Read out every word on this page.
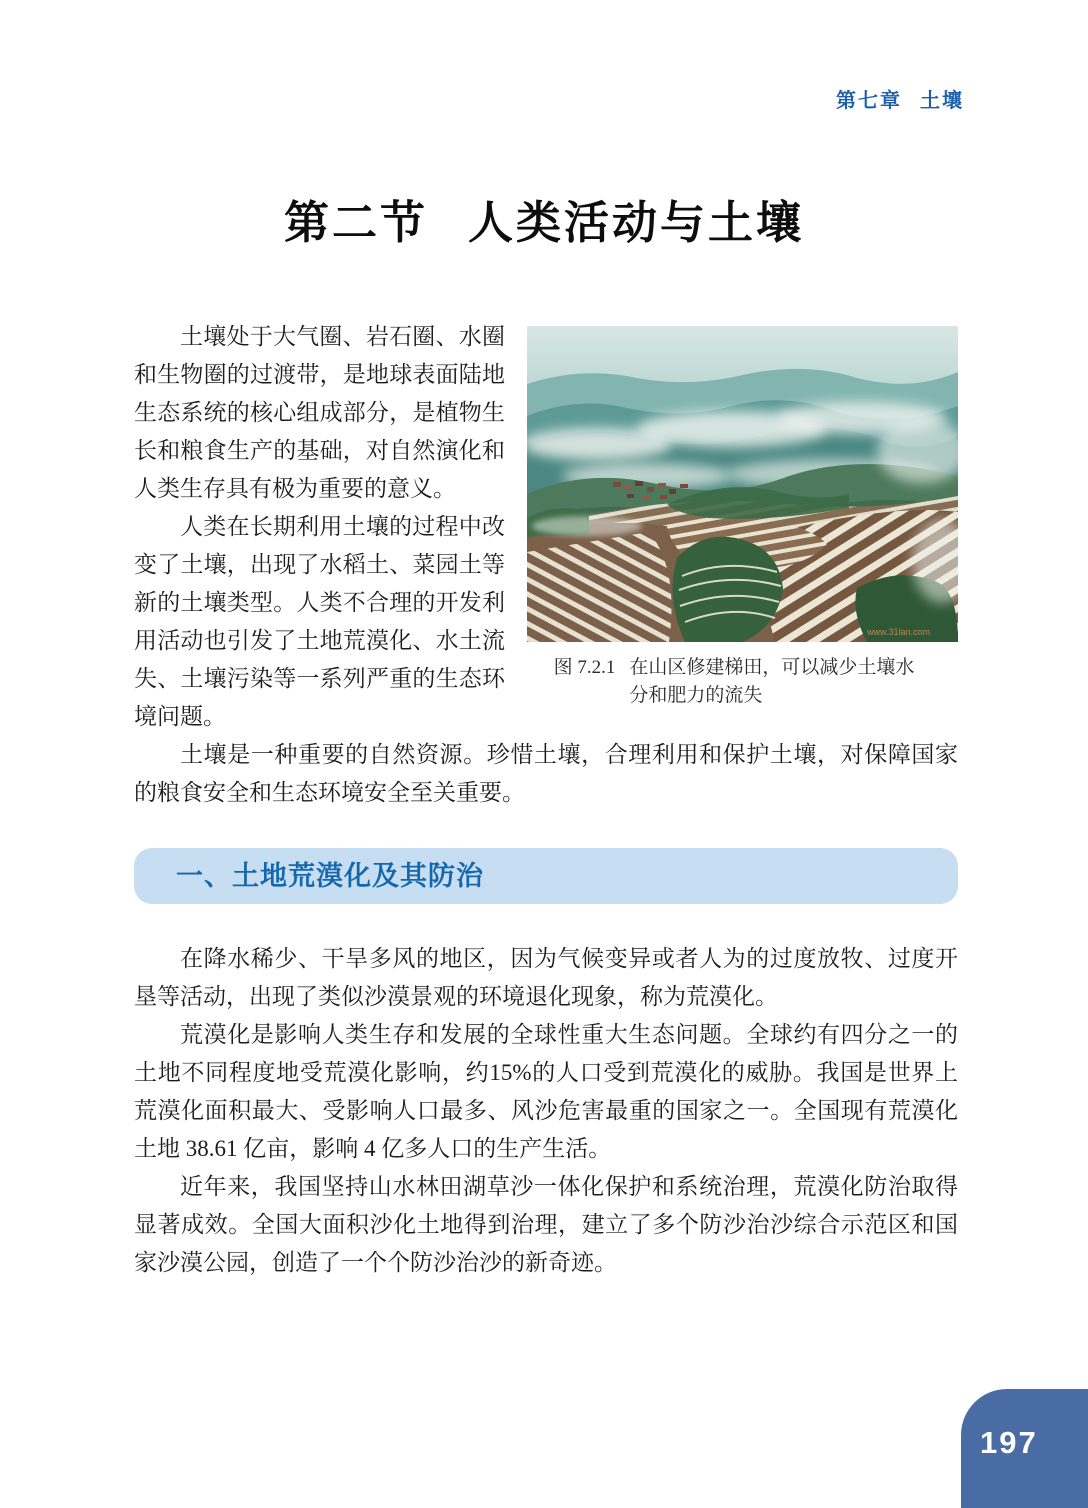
第七章 土壤
第二节 人类活动与土壤
www.31lan.com
图 7.2.1 在山区修建梯田，可以减少土壤水分和肥力的流失

土壤处于大气圈、岩石圈、水圈和生物圈的过渡带，是地球表面陆地生态系统的核心组成部分，是植物生长和粮食生产的基础，对自然演化和人类生存具有极为重要的意义。

人类在长期利用土壤的过程中改变了土壤，出现了水稻土、菜园土等新的土壤类型。人类不合理的开发利用活动也引发了土地荒漠化、水土流失、土壤污染等一系列严重的生态环境问题。

土壤是一种重要的自然资源。珍惜土壤，合理利用和保护土壤，对保障国家的粮食安全和生态环境安全至关重要。

一、土地荒漠化及其防治

在降水稀少、干旱多风的地区，因为气候变异或者人为的过度放牧、过度开垦等活动，出现了类似沙漠景观的环境退化现象，称为荒漠化。

荒漠化是影响人类生存和发展的全球性重大生态问题。全球约有四分之一的土地不同程度地受荒漠化影响，约15%的人口受到荒漠化的威胁。我国是世界上荒漠化面积最大、受影响人口最多、风沙危害最重的国家之一。全国现有荒漠化土地 38.61 亿亩，影响 4 亿多人口的生产生活。

近年来，我国坚持山水林田湖草沙一体化保护和系统治理，荒漠化防治取得显著成效。全国大面积沙化土地得到治理，建立了多个防沙治沙综合示范区和国家沙漠公园，创造了一个个防沙治沙的新奇迹。

197
